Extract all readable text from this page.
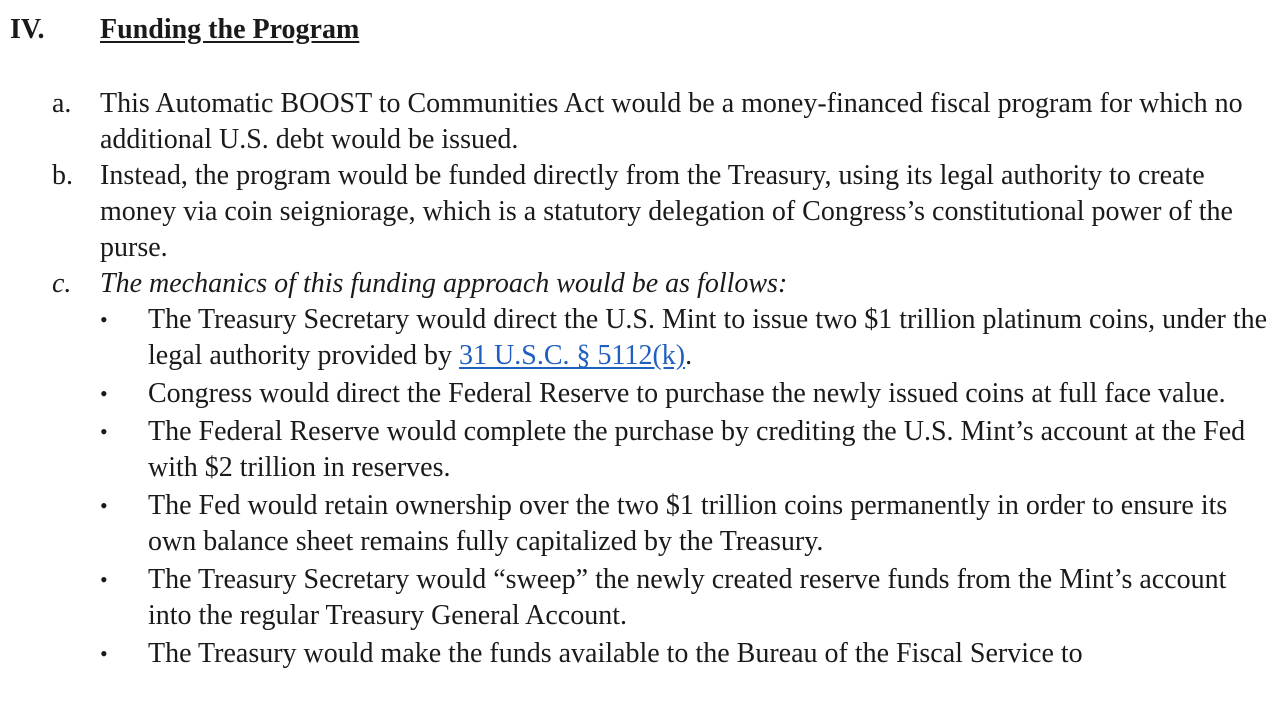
IV. Funding the Program
a.	This Automatic BOOST to Communities Act would be a money-financed fiscal program for which no additional U.S. debt would be issued.
b. Instead, the program would be funded directly from the Treasury, using its legal authority to create money via coin seigniorage, which is a statutory delegation of Congress’s constitutional power of the purse.
c.	The mechanics of this funding approach would be as follows:
•	The Treasury Secretary would direct the U.S. Mint to issue two $1 trillion platinum coins, under the legal authority provided by 31 U.S.C. § 5112(k).
•	Congress would direct the Federal Reserve to purchase the newly issued coins at full face value.
•	The Federal Reserve would complete the purchase by crediting the U.S. Mint’s account at the Fed with $2 trillion in reserves.
•	The Fed would retain ownership over the two $1 trillion coins permanently in order to ensure its own balance sheet remains fully capitalized by the Treasury.
•	The Treasury Secretary would “sweep” the newly created reserve funds from the Mint’s account into the regular Treasury General Account.
•	The Treasury would make the funds available to the Bureau of the Fiscal Service to
